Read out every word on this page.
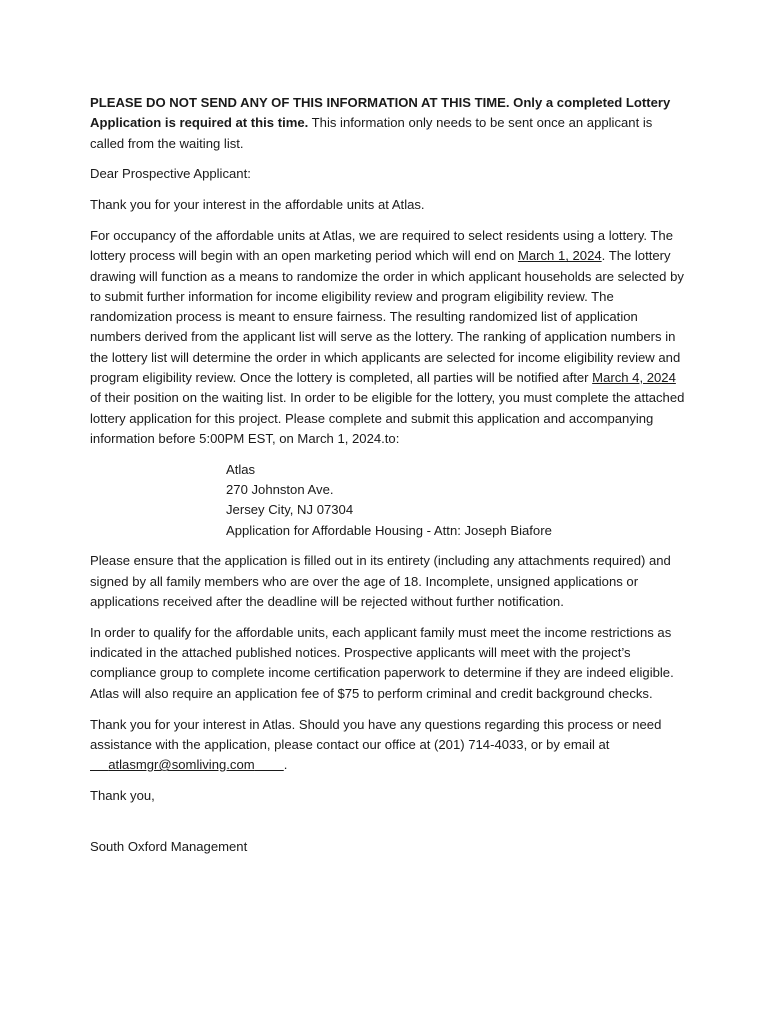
PLEASE DO NOT SEND ANY OF THIS INFORMATION AT THIS TIME. Only a completed Lottery Application is required at this time. This information only needs to be sent once an applicant is called from the waiting list.

Dear Prospective Applicant:

Thank you for your interest in the affordable units at Atlas.

For occupancy of the affordable units at Atlas, we are required to select residents using a lottery. The lottery process will begin with an open marketing period which will end on March 1, 2024. The lottery drawing will function as a means to randomize the order in which applicant households are selected by to submit further information for income eligibility review and program eligibility review. The randomization process is meant to ensure fairness. The resulting randomized list of application numbers derived from the applicant list will serve as the lottery. The ranking of application numbers in the lottery list will determine the order in which applicants are selected for income eligibility review and program eligibility review. Once the lottery is completed, all parties will be notified after March 4, 2024 of their position on the waiting list. In order to be eligible for the lottery, you must complete the attached lottery application for this project. Please complete and submit this application and accompanying information before 5:00PM EST, on March 1, 2024.to:

Atlas
270 Johnston Ave.
Jersey City, NJ 07304
Application for Affordable Housing - Attn: Joseph Biafore

Please ensure that the application is filled out in its entirety (including any attachments required) and signed by all family members who are over the age of 18. Incomplete, unsigned applications or applications received after the deadline will be rejected without further notification.

In order to qualify for the affordable units, each applicant family must meet the income restrictions as indicated in the attached published notices. Prospective applicants will meet with the project’s compliance group to complete income certification paperwork to determine if they are indeed eligible. Atlas will also require an application fee of $75 to perform criminal and credit background checks.

Thank you for your interest in Atlas. Should you have any questions regarding this process or need assistance with the application, please contact our office at (201) 714-4033, or by email at
atlasmgr@somliving.com .

Thank you,

South Oxford Management
